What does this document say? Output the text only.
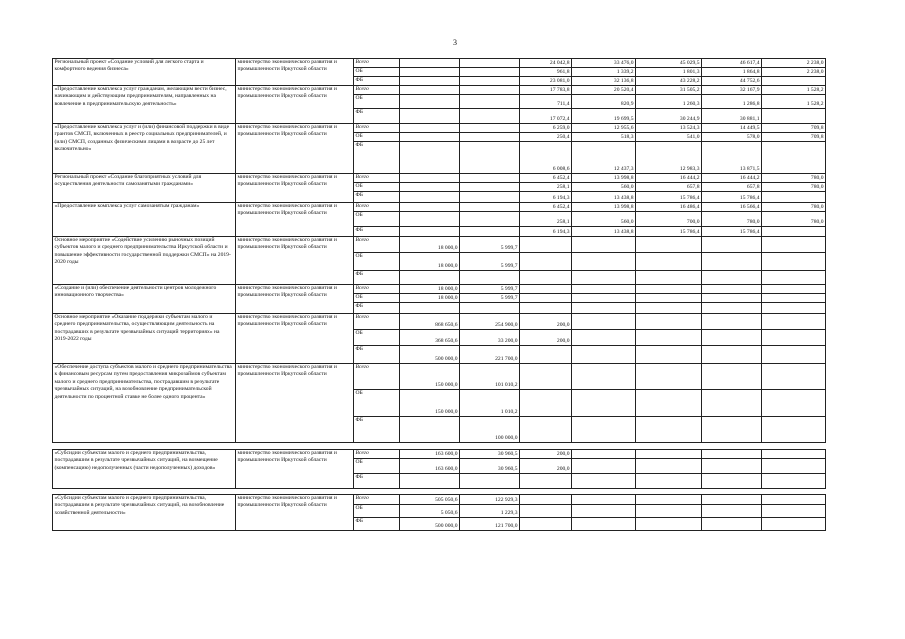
3
Региональный проект «Создание условий для легкого старта и комфортного ведения бизнеса»	министерство экономического развития и промышленности Иркутской области	Всего			24 042,8	33 476,0	45 029,5	46 617,4	2 238,0
		ОБ			961,8	1 339,2	1 801,3	1 864,8	2 238,0
		ФБ			23 081,0	32 136,8	43 228,2	44 752,6	
«Предоставление комплекса услуг гражданам, желающим вести бизнес, начинающим и действующим предпринимателям, направленных на вовлечение в предпринимательскую деятельность»	министерство экономического развития и промышленности Иркутской области	Всего			17 783,8	20 520,4	31 505,2	32 167,9	1 528,2
		ОБ			711,4	820,9	1 260,3	1 286,8	1 528,2
		ФБ			17 072,4	19 699,5	30 244,9	30 881,1	
«Предоставление комплекса услуг и (или) финансовой поддержки в виде грантов СМСП, включенных в реестр социальных предпринимателей, и (или) СМСП, созданных физическими лицами в возрасте до 25 лет включительно»	министерство экономического развития и промышленности Иркутской области	Всего			6 259,0	12 955,6	13 524,3	14 449,5	709,8
		ОБ			250,4	518,3	541,0	578,0	709,8
		ФБ			6 008,6	12 437,3	12 983,3	13 871,5	
Региональный проект «Создание благоприятных условий для осуществления деятельности самозанятыми гражданами»	министерство экономического развития и промышленности Иркутской области	Всего			6 452,4	13 998,8	16 444,2	16 444,2	780,0
		ОБ			258,1	560,0	657,8	657,8	780,0
		ФБ			6 194,3	13 438,8	15 786,4	15 786,4	
«Предоставление комплекса услуг самозанятым гражданам»	министерство экономического развития и промышленности Иркутской области	Всего			6 452,4	13 998,8	16 486,4	16 566,4	780,0
		ОБ			258,1	560,0	700,0	780,0	780,0
		ФБ			6 194,3	13 438,8	15 786,4	15 786,4	
Основное мероприятие «Содействие усилению рыночных позиций субъектов малого и среднего предпринимательства Иркутской области и повышение эффективности государственной поддержки СМСП» на 2019-2020 годы	министерство экономического развития и промышленности Иркутской области	Всего	18 000,0	5 999,7					
		ОБ	18 000,0	5 999,7					
		ФБ							
«Создание и (или) обеспечение деятельности центров молодежного инновационного творчества»	министерство экономического развития и промышленности Иркутской области	Всего	18 000,0	5 999,7					
		ОБ	18 000,0	5 999,7					
		ФБ							
Основное мероприятие «Оказание поддержки субъектам малого и среднего предпринимательства, осуществляющим деятельность на пострадавших в результате чрезвычайных ситуаций территориях» на 2019-2022 годы	министерство экономического развития и промышленности Иркутской области	Всего	868 650,6	254 900,0	200,0				
		ОБ	368 650,6	33 200,0	200,0				
		ФБ	500 000,0	221 700,0					
«Обеспечение доступа субъектов малого и среднего предпринимательства к финансовым ресурсам путем предоставления микрозаймов субъектам малого и среднего предпринимательства, пострадавшим в результате чрезвычайных ситуаций, на возобновление предпринимательской деятельности по процентной ставке не более одного процента»	министерство экономического развития и промышленности Иркутской области	Всего	150 000,0	101 010,2					
		ОБ	150 000,0	1 010,2					
		ФБ		100 000,0					

«Субсидии субъектам малого и среднего предпринимательства, пострадавшим в результате чрезвычайных ситуаций, на возмещение (компенсацию) недополученных (части недополученных) доходов»	министерство экономического развития и промышленности Иркутской области	Всего	163 600,0	30 960,5	200,0				
		ОБ	163 600,0	30 960,5	200,0				
		ФБ							

«Субсидии субъектам малого и среднего предпринимательства, пострадавшим в результате чрезвычайных ситуаций, на возобновление хозяйственной деятельности»	министерство экономического развития и промышленности Иркутской области	Всего	505 050,6	122 929,3					
		ОБ	5 050,6	1 229,3					
		ФБ	500 000,0	121 700,0					
